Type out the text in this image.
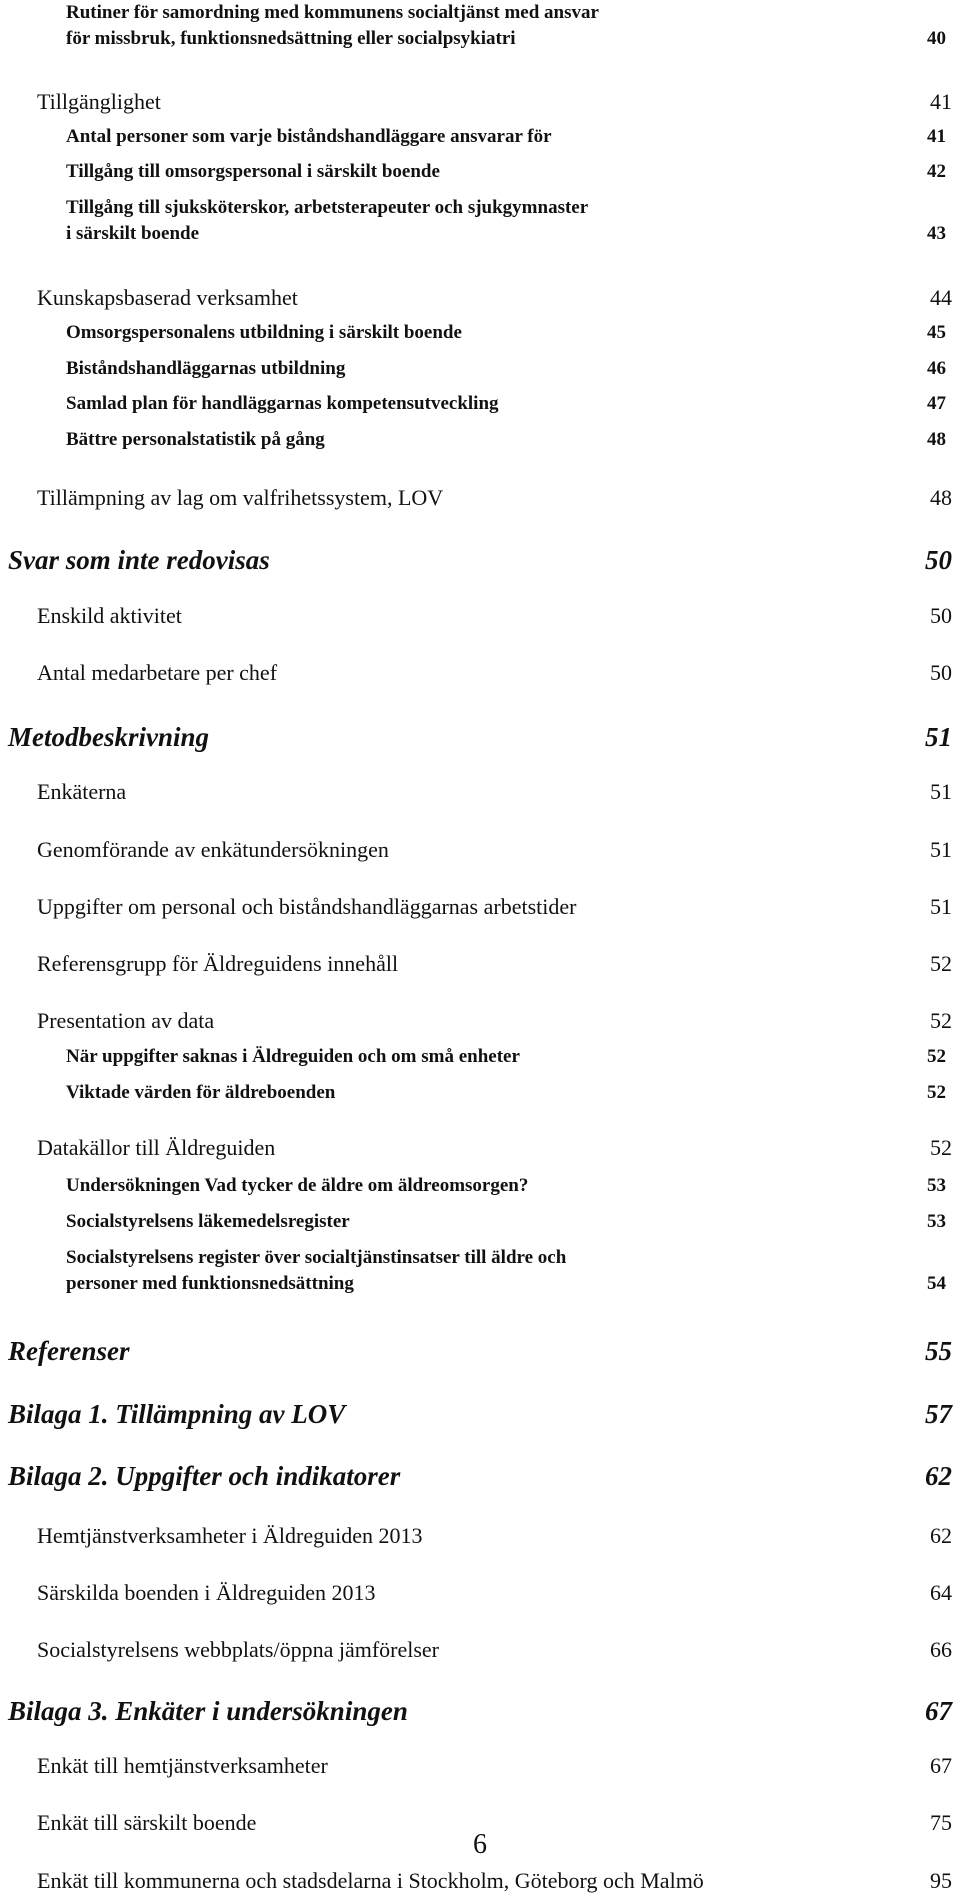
Rutiner för samordning med kommunens socialtjänst med ansvar
för missbruk, funktionsnedsättning eller socialpsykiatri	40
Tillgänglighet	41
Antal personer som varje biståndshandläggare ansvarar för	41
Tillgång till omsorgspersonal i särskilt boende	42
Tillgång till sjuksköterskor, arbetsterapeuter och sjukgymnaster
i särskilt boende	43
Kunskapsbaserad verksamhet	44
Omsorgspersonalens utbildning i särskilt boende	45
Biståndshandläggarnas utbildning	46
Samlad plan för handläggarnas kompetensutveckling	47
Bättre personalstatistik på gång	48
Tillämpning av lag om valfrihetssystem, LOV	48
Svar som inte redovisas	50
Enskild aktivitet	50
Antal medarbetare per chef	50
Metodbeskrivning	51
Enkäterna	51
Genomförande av enkätundersökningen	51
Uppgifter om personal och biståndshandläggarnas arbetstider	51
Referensgrupp för Äldreguidens innehåll	52
Presentation av data	52
När uppgifter saknas i Äldreguiden och om små enheter	52
Viktade värden för äldreboenden	52
Datakällor till Äldreguiden	52
Undersökningen Vad tycker de äldre om äldreomsorgen?	53
Socialstyrelsens läkemedelsregister	53
Socialstyrelsens register över socialtjänstinsatser till äldre och
personer med funktionsnedsättning	54
Referenser	55
Bilaga 1. Tillämpning av LOV	57
Bilaga 2. Uppgifter och indikatorer	62
Hemtjänstverksamheter i Äldreguiden 2013	62
Särskilda boenden i Äldreguiden 2013	64
Socialstyrelsens webbplats/öppna jämförelser	66
Bilaga 3. Enkäter i undersökningen	67
Enkät till hemtjänstverksamheter	67
Enkät till särskilt boende	75
Enkät till kommunerna och stadsdelarna i Stockholm, Göteborg och Malmö	95
6
